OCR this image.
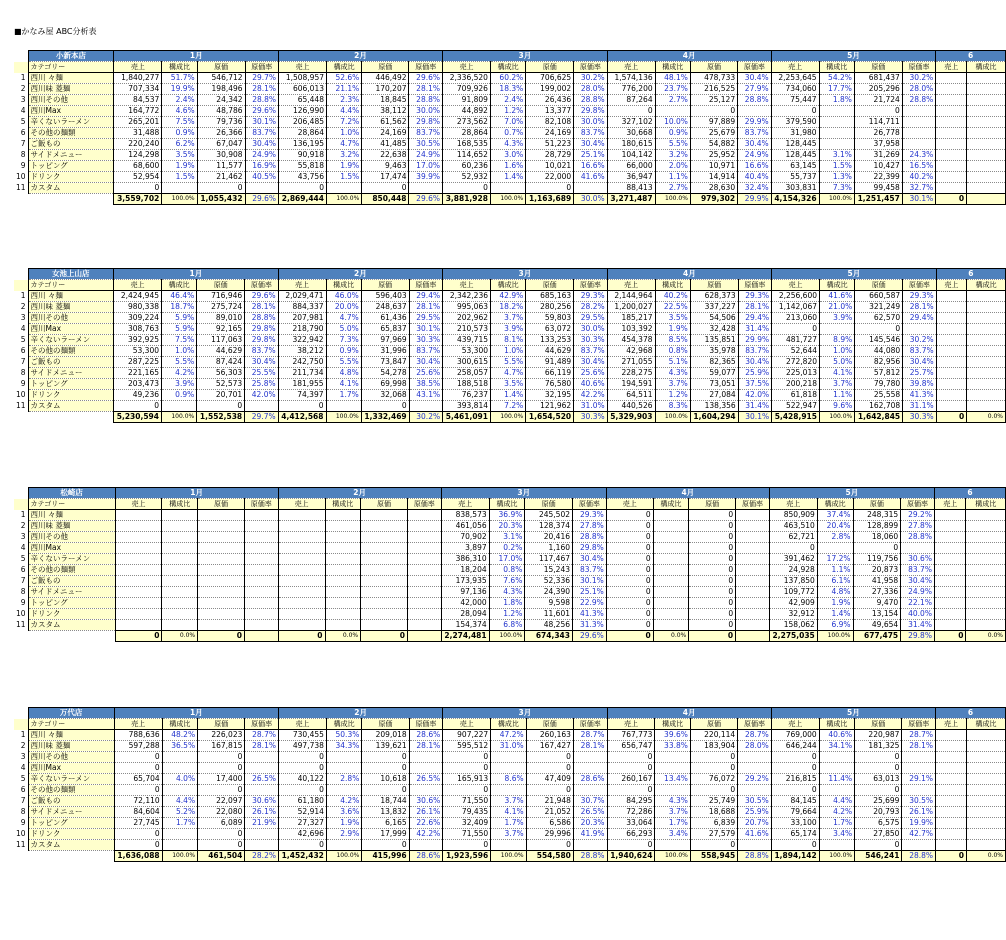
■かなみ屋 ABC分析表
	小新本店	1月				2月				3月				4月				5月				6	
	カテゴリー	売上	構成比	原価	原価率	売上	構成比	原価	原価率	売上	構成比	原価	原価率	売上	構成比	原価	原価率	売上	構成比	原価	原価率	売上	構成比
1	西川 々麺	1,840,277	51.7%	546,712	29.7%	1,508,957	52.6%	446,492	29.6%	2,336,520	60.2%	706,625	30.2%	1,574,136	48.1%	478,733	30.4%	2,253,645	54.2%	681,437	30.2%		
2	西川味 菱麺	707,334	19.9%	198,496	28.1%	606,013	21.1%	170,207	28.1%	709,926	18.3%	199,002	28.0%	776,200	23.7%	216,525	27.9%	734,060	17.7%	205,296	28.0%		
3	西川その他	84,537	2.4%	24,342	28.8%	65,448	2.3%	18,845	28.8%	91,809	2.4%	26,436	28.8%	87,264	2.7%	25,127	28.8%	75,447	1.8%	21,724	28.8%		
4	西川Max	164,772	4.6%	48,786	29.6%	126,990	4.4%	38,112	30.0%	44,892	1.2%	13,377	29.8%	0		0		0		0			
5	辛くないラーメン	265,201	7.5%	79,736	30.1%	206,485	7.2%	61,562	29.8%	273,562	7.0%	82,108	30.0%	327,102	10.0%	97,889	29.9%	379,590		114,711			
6	その他の麺類	31,488	0.9%	26,366	83.7%	28,864	1.0%	24,169	83.7%	28,864	0.7%	24,169	83.7%	30,668	0.9%	25,679	83.7%	31,980		26,778			
7	ご飯もの	220,240	6.2%	67,047	30.4%	136,195	4.7%	41,485	30.5%	168,535	4.3%	51,223	30.4%	180,615	5.5%	54,882	30.4%	128,445		37,958			
8	サイドメニュー	124,298	3.5%	30,908	24.9%	90,918	3.2%	22,638	24.9%	114,652	3.0%	28,729	25.1%	104,142	3.2%	25,952	24.9%	128,445	3.1%	31,269	24.3%		
9	トッピング	68,600	1.9%	11,577	16.9%	55,818	1.9%	9,463	17.0%	60,236	1.6%	10,021	16.6%	66,000	2.0%	10,971	16.6%	63,145	1.5%	10,427	16.5%		
10	ドリンク	52,954	1.5%	21,462	40.5%	43,756	1.5%	17,474	39.9%	52,932	1.4%	22,000	41.6%	36,947	1.1%	14,914	40.4%	55,737	1.3%	22,399	40.2%		
11	カスタム	0		0		0		0		0		0		88,413	2.7%	28,630	32.4%	303,831	7.3%	99,458	32.7%		
		3,559,702	100.0%	1,055,432	29.6%	2,869,444	100.0%	850,448	29.6%	3,881,928	100.0%	1,163,689	30.0%	3,271,487	100.0%	979,302	29.9%	4,154,326	100.0%	1,251,457	30.1%	0	
	女池上山店	1月				2月				3月				4月				5月				6	
	カテゴリー	売上	構成比	原価	原価率	売上	構成比	原価	原価率	売上	構成比	原価	原価率	売上	構成比	原価	原価率	売上	構成比	原価	原価率	売上	構成比
1	西川 々麺	2,424,945	46.4%	716,946	29.6%	2,029,471	46.0%	596,403	29.4%	2,342,236	42.9%	685,163	29.3%	2,144,964	40.2%	628,373	29.3%	2,256,600	41.6%	660,587	29.3%		
2	西川味 菱麺	980,338	18.7%	275,724	28.1%	884,337	20.0%	248,637	28.1%	995,063	18.2%	280,256	28.2%	1,200,027	22.5%	337,227	28.1%	1,142,067	21.0%	321,249	28.1%		
3	西川その他	309,224	5.9%	89,010	28.8%	207,981	4.7%	61,436	29.5%	202,962	3.7%	59,803	29.5%	185,217	3.5%	54,506	29.4%	213,060	3.9%	62,570	29.4%		
4	西川Max	308,763	5.9%	92,165	29.8%	218,790	5.0%	65,837	30.1%	210,573	3.9%	63,072	30.0%	103,392	1.9%	32,428	31.4%	0		0			
5	辛くないラーメン	392,925	7.5%	117,063	29.8%	322,942	7.3%	97,969	30.3%	439,715	8.1%	133,253	30.3%	454,378	8.5%	135,851	29.9%	481,727	8.9%	145,546	30.2%		
6	その他の麺類	53,300	1.0%	44,629	83.7%	38,212	0.9%	31,996	83.7%	53,300	1.0%	44,629	83.7%	42,968	0.8%	35,978	83.7%	52,644	1.0%	44,080	83.7%		
7	ご飯もの	287,225	5.5%	87,424	30.4%	242,750	5.5%	73,847	30.4%	300,615	5.5%	91,489	30.4%	271,055	5.1%	82,365	30.4%	272,820	5.0%	82,956	30.4%		
8	サイドメニュー	221,165	4.2%	56,303	25.5%	211,734	4.8%	54,278	25.6%	258,057	4.7%	66,119	25.6%	228,275	4.3%	59,077	25.9%	225,013	4.1%	57,812	25.7%		
9	トッピング	203,473	3.9%	52,573	25.8%	181,955	4.1%	69,998	38.5%	188,518	3.5%	76,580	40.6%	194,591	3.7%	73,051	37.5%	200,218	3.7%	79,780	39.8%		
10	ドリンク	49,236	0.9%	20,701	42.0%	74,397	1.7%	32,068	43.1%	76,237	1.4%	32,195	42.2%	64,511	1.2%	27,084	42.0%	61,818	1.1%	25,558	41.3%		
11	カスタム	0		0		0		0		393,814	7.2%	121,962	31.0%	440,526	8.3%	138,356	31.4%	522,947	9.6%	162,708	31.1%		
		5,230,594	100.0%	1,552,538	29.7%	4,412,568	100.0%	1,332,469	30.2%	5,461,091	100.0%	1,654,520	30.3%	5,329,903	100.0%	1,604,294	30.1%	5,428,915	100.0%	1,642,845	30.3%	0	0.0%
	松崎店	1月				2月				3月				4月				5月				6	
	カテゴリー	売上	構成比	原価	原価率	売上	構成比	原価	原価率	売上	構成比	原価	原価率	売上	構成比	原価	原価率	売上	構成比	原価	原価率	売上	構成比
1	西川 々麺									838,573	36.9%	245,502	29.3%	0		0		850,909	37.4%	248,315	29.2%		
2	西川味 菱麺									461,056	20.3%	128,374	27.8%	0		0		463,510	20.4%	128,899	27.8%		
3	西川その他									70,902	3.1%	20,416	28.8%	0		0		62,721	2.8%	18,060	28.8%		
4	西川Max									3,897	0.2%	1,160	29.8%	0		0		0		0			
5	辛くないラーメン									386,310	17.0%	117,467	30.4%	0		0		391,462	17.2%	119,756	30.6%		
6	その他の麺類									18,204	0.8%	15,243	83.7%	0		0		24,928	1.1%	20,873	83.7%		
7	ご飯もの									173,935	7.6%	52,336	30.1%	0		0		137,850	6.1%	41,958	30.4%		
8	サイドメニュー									97,136	4.3%	24,390	25.1%	0		0		109,772	4.8%	27,336	24.9%		
9	トッピング									42,000	1.8%	9,598	22.9%	0		0		42,909	1.9%	9,470	22.1%		
10	ドリンク									28,094	1.2%	11,601	41.3%	0		0		32,912	1.4%	13,154	40.0%		
11	カスタム									154,374	6.8%	48,256	31.3%	0		0		158,062	6.9%	49,654	31.4%		
		0	0.0%	0		0	0.0%	0		2,274,481	100.0%	674,343	29.6%	0	0.0%	0		2,275,035	100.0%	677,475	29.8%	0	0.0%
	万代店	1月				2月				3月				4月				5月				6	
	カテゴリー	売上	構成比	原価	原価率	売上	構成比	原価	原価率	売上	構成比	原価	原価率	売上	構成比	原価	原価率	売上	構成比	原価	原価率	売上	構成比
1	西川 々麺	788,636	48.2%	226,023	28.7%	730,455	50.3%	209,018	28.6%	907,227	47.2%	260,163	28.7%	767,773	39.6%	220,114	28.7%	769,000	40.6%	220,987	28.7%		
2	西川味 菱麺	597,288	36.5%	167,815	28.1%	497,738	34.3%	139,621	28.1%	595,512	31.0%	167,427	28.1%	656,747	33.8%	183,904	28.0%	646,244	34.1%	181,325	28.1%		
3	西川その他	0		0		0		0		0		0		0		0		0		0			
4	西川Max	0		0		0		0		0		0		0		0		0		0			
5	辛くないラーメン	65,704	4.0%	17,400	26.5%	40,122	2.8%	10,618	26.5%	165,913	8.6%	47,409	28.6%	260,167	13.4%	76,072	29.2%	216,815	11.4%	63,013	29.1%		
6	その他の麺類	0		0		0		0		0		0		0		0		0		0			
7	ご飯もの	72,110	4.4%	22,097	30.6%	61,180	4.2%	18,744	30.6%	71,550	3.7%	21,948	30.7%	84,295	4.3%	25,749	30.5%	84,145	4.4%	25,699	30.5%		
8	サイドメニュー	84,604	5.2%	22,080	26.1%	52,914	3.6%	13,832	26.1%	79,435	4.1%	21,052	26.5%	72,286	3.7%	18,688	25.9%	79,664	4.2%	20,793	26.1%		
9	トッピング	27,745	1.7%	6,089	21.9%	27,327	1.9%	6,165	22.6%	32,409	1.7%	6,586	20.3%	33,064	1.7%	6,839	20.7%	33,100	1.7%	6,575	19.9%		
10	ドリンク	0		0		42,696	2.9%	17,999	42.2%	71,550	3.7%	29,996	41.9%	66,293	3.4%	27,579	41.6%	65,174	3.4%	27,850	42.7%		
11	カスタム	0		0		0		0		0		0		0		0		0		0			
		1,636,088	100.0%	461,504	28.2%	1,452,432	100.0%	415,996	28.6%	1,923,596	100.0%	554,580	28.8%	1,940,624	100.0%	558,945	28.8%	1,894,142	100.0%	546,241	28.8%	0	0.0%
